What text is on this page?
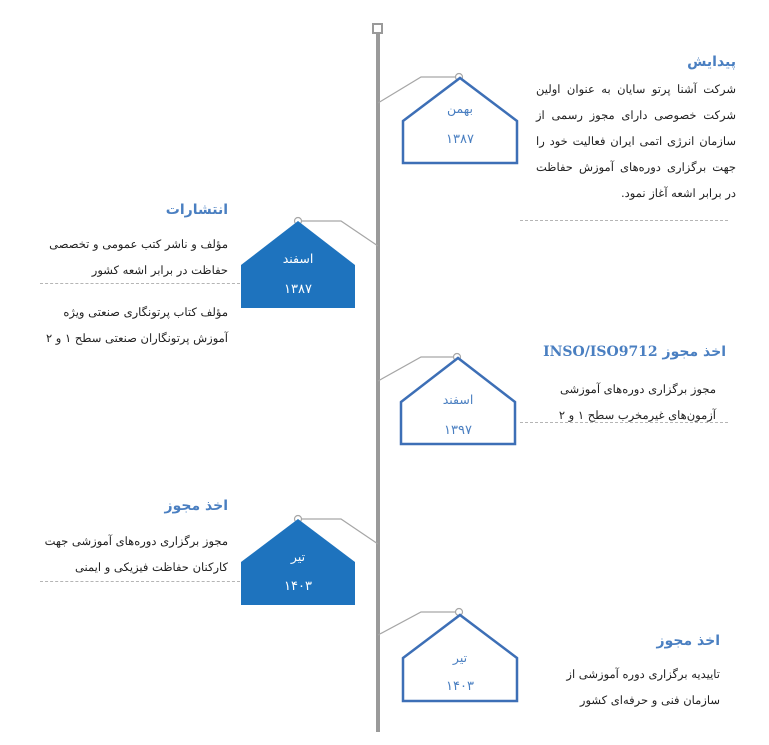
بهمن
۱۳۸۷
اسفند
۱۳۸۷
اسفند
۱۳۹۷
تیر
۱۴۰۳
تیر
۱۴۰۳
پیدایش
شرکت آشنا پرتو سایان به عنوان اولین شرکت خصوصی دارای مجوز رسمی از سازمان انرژی اتمی ایران فعالیت خود را جهت برگزاری دوره‌های آموزش حفاظت در برابر اشعه آغاز نمود.
انتشارات
مؤلف و ناشر کتب عمومی و تخصصی حفاظت در برابر اشعه کشور
مؤلف کتاب پرتونگاری صنعتی ویژه آموزش پرتونگاران صنعتی سطح ۱ و ۲
اخذ مجوز INSO/ISO9712
مجوز برگزاری دوره‌های آموزشی آزمون‌های غیرمخرب سطح ۱ و ۲
اخذ مجوز
مجوز برگزاری دوره‌های آموزشی جهت کارکنان حفاظت فیزیکی و ایمنی
اخذ مجوز
تاییدیه برگزاری دوره آموزشی از سازمان فنی و حرفه‌ای کشور
